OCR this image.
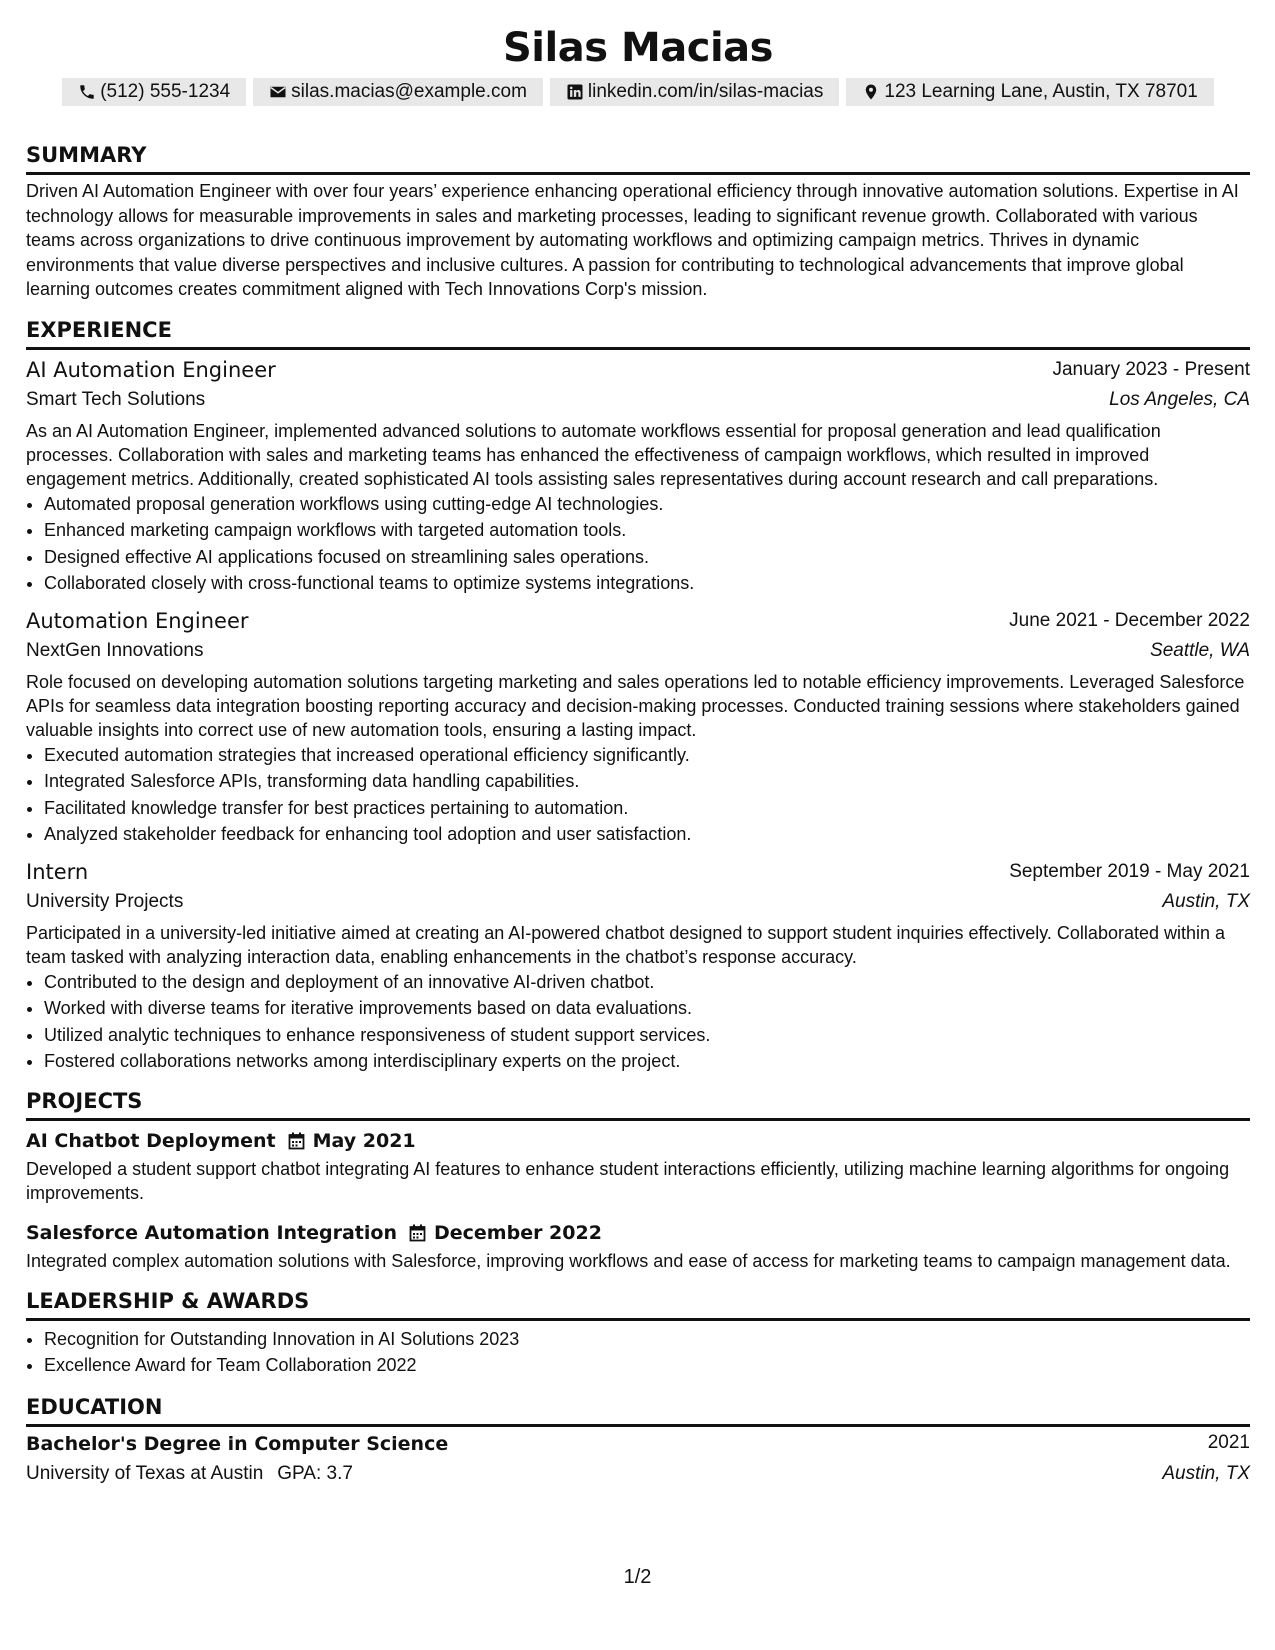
Silas Macias
(512) 555-1234	silas.macias@example.com	linkedin.com/in/silas-macias	123 Learning Lane, Austin, TX 78701
SUMMARY
Driven AI Automation Engineer with over four years’ experience enhancing operational efficiency through innovative automation solutions. Expertise in AI technology allows for measurable improvements in sales and marketing processes, leading to significant revenue growth. Collaborated with various teams across organizations to drive continuous improvement by automating workflows and optimizing campaign metrics. Thrives in dynamic environments that value diverse perspectives and inclusive cultures. A passion for contributing to technological advancements that improve global learning outcomes creates commitment aligned with Tech Innovations Corp's mission.
EXPERIENCE
AI Automation Engineer	January 2023 - Present
Smart Tech Solutions	Los Angeles, CA
As an AI Automation Engineer, implemented advanced solutions to automate workflows essential for proposal generation and lead qualification processes. Collaboration with sales and marketing teams has enhanced the effectiveness of campaign workflows, which resulted in improved engagement metrics. Additionally, created sophisticated AI tools assisting sales representatives during account research and call preparations.
• Automated proposal generation workflows using cutting-edge AI technologies.
• Enhanced marketing campaign workflows with targeted automation tools.
• Designed effective AI applications focused on streamlining sales operations.
• Collaborated closely with cross-functional teams to optimize systems integrations.
Automation Engineer	June 2021 - December 2022
NextGen Innovations	Seattle, WA
Role focused on developing automation solutions targeting marketing and sales operations led to notable efficiency improvements. Leveraged Salesforce APIs for seamless data integration boosting reporting accuracy and decision-making processes. Conducted training sessions where stakeholders gained valuable insights into correct use of new automation tools, ensuring a lasting impact.
• Executed automation strategies that increased operational efficiency significantly.
• Integrated Salesforce APIs, transforming data handling capabilities.
• Facilitated knowledge transfer for best practices pertaining to automation.
• Analyzed stakeholder feedback for enhancing tool adoption and user satisfaction.
Intern	September 2019 - May 2021
University Projects	Austin, TX
Participated in a university-led initiative aimed at creating an AI-powered chatbot designed to support student inquiries effectively. Collaborated within a team tasked with analyzing interaction data, enabling enhancements in the chatbot’s response accuracy.
• Contributed to the design and deployment of an innovative AI-driven chatbot.
• Worked with diverse teams for iterative improvements based on data evaluations.
• Utilized analytic techniques to enhance responsiveness of student support services.
• Fostered collaborations networks among interdisciplinary experts on the project.
PROJECTS
AI Chatbot Deployment May 2021
Developed a student support chatbot integrating AI features to enhance student interactions efficiently, utilizing machine learning algorithms for ongoing improvements.
Salesforce Automation Integration December 2022
Integrated complex automation solutions with Salesforce, improving workflows and ease of access for marketing teams to campaign management data.
LEADERSHIP & AWARDS
• Recognition for Outstanding Innovation in AI Solutions 2023
• Excellence Award for Team Collaboration 2022
EDUCATION
Bachelor's Degree in Computer Science	2021
University of Texas at Austin GPA: 3.7	Austin, TX
1/2
